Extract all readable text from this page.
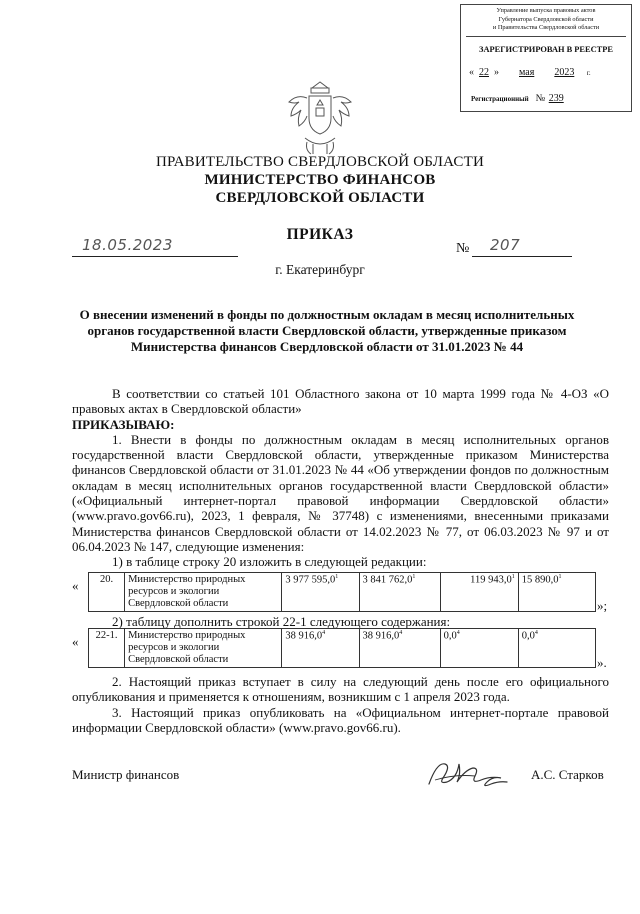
Управление выпуска правовых актов
Губернатора Свердловской области
и Правительства Свердловской области
ЗАРЕГИСТРИРОВАН В РЕЕСТРЕ
«  22  »        мая 2023 г.
Регистрационный № 239
ПРАВИТЕЛЬСТВО СВЕРДЛОВСКОЙ ОБЛАСТИ
МИНИСТЕРСТВО ФИНАНСОВ
СВЕРДЛОВСКОЙ ОБЛАСТИ
ПРИКАЗ
18.05.2023	№ 207
г. Екатеринбург
О внесении изменений в фонды по должностным окладам в месяц исполнительных
органов государственной власти Свердловской области, утвержденные приказом
Министерства финансов Свердловской области от 31.01.2023 № 44

В соответствии со статьей 101 Областного закона от 10 марта 1999 года № 4-ОЗ «О правовых актах в Свердловской области»

ПРИКАЗЫВАЮ:

1. Внести в фонды по должностным окладам в месяц исполнительных органов государственной власти Свердловской области, утвержденные приказом Министерства финансов Свердловской области от 31.01.2023 № 44 «Об утверждении фондов по должностным окладам в месяц исполнительных органов государственной власти Свердловской области» («Официальный интернет-портал правовой информации Свердловской области» (www.pravo.gov66.ru), 2023, 1 февраля, № 37748) с изменениями, внесенными приказами Министерства финансов Свердловской области от 14.02.2023 № 77, от 06.03.2023 № 97 и от 06.04.2023 № 147, следующие изменения:

1) в таблице строку 20 изложить в следующей редакции:

« 20.	Министерство природных ресурсов и экологии Свердловской области	3 977 595,0$^1$	3 841 762,0$^1$	119 943,0$^1$	15 890,0$^1$
»;

2) таблицу дополнить строкой 22-1 следующего содержания:

« 22-1.	Министерство природных ресурсов и экологии Свердловской области	38 916,0$^4$	38 916,0$^4$	$0,0^4$	$0,0^4$
».

2. Настоящий приказ вступает в силу на следующий день после его официального опубликования и применяется к отношениям, возникшим с 1 апреля 2023 года.

3. Настоящий приказ опубликовать на «Официальном интернет-портале правовой информации Свердловской области» (www.pravo.gov66.ru).

Министр финансов	А.С. Старков
